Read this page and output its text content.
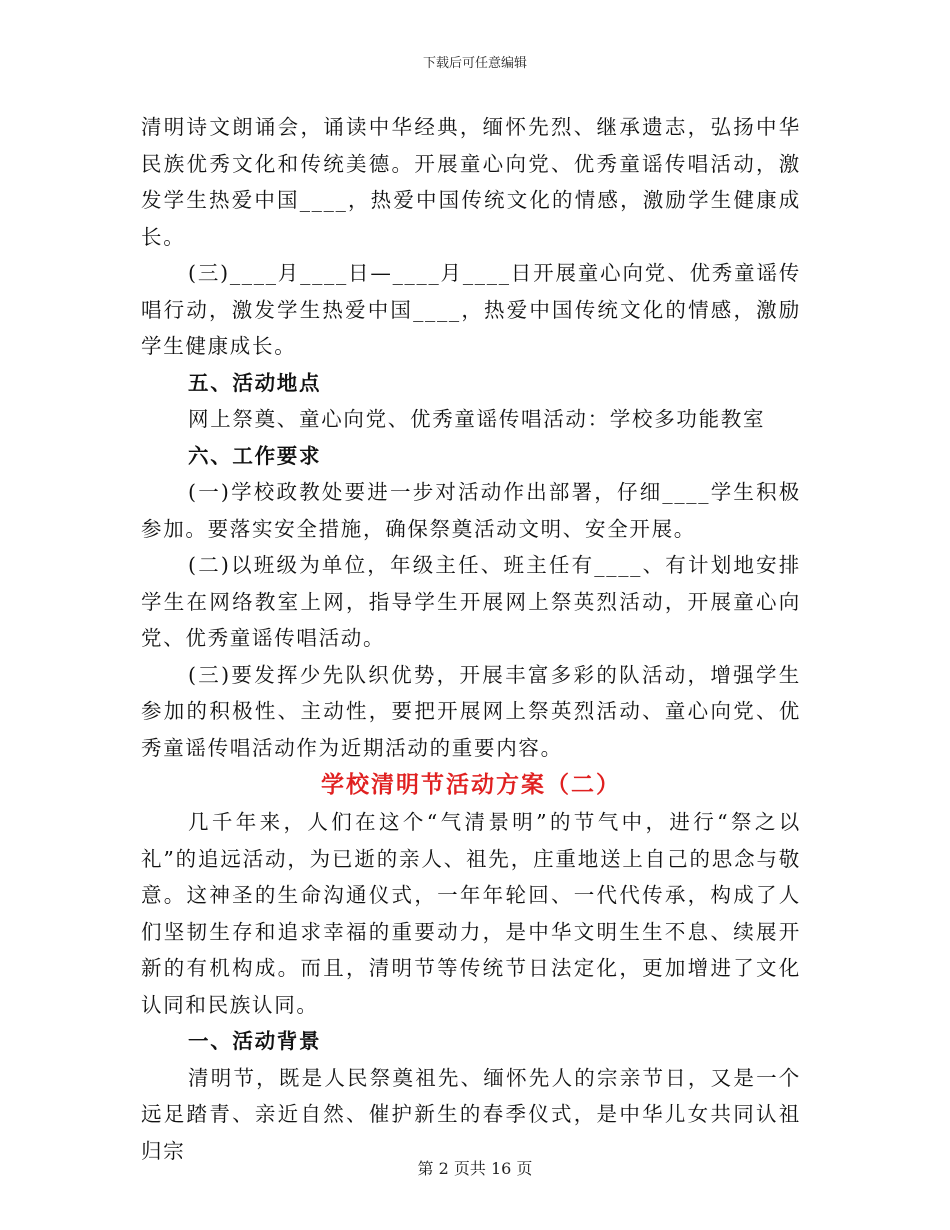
下载后可任意编辑

清明诗文朗诵会，诵读中华经典，缅怀先烈、继承遗志，弘扬中华民族优秀文化和传统美德。开展童心向党、优秀童谣传唱活动，激发学生热爱中国____，热爱中国传统文化的情感，激励学生健康成长。

(三)____月____日—____月____日开展童心向党、优秀童谣传唱行动，激发学生热爱中国____，热爱中国传统文化的情感，激励学生健康成长。

五、活动地点

网上祭奠、童心向党、优秀童谣传唱活动：学校多功能教室

六、工作要求

(一)学校政教处要进一步对活动作出部署，仔细____学生积极参加。要落实安全措施，确保祭奠活动文明、安全开展。

(二)以班级为单位，年级主任、班主任有____、有计划地安排学生在网络教室上网，指导学生开展网上祭英烈活动，开展童心向党、优秀童谣传唱活动。

(三)要发挥少先队织优势，开展丰富多彩的队活动，增强学生参加的积极性、主动性，要把开展网上祭英烈活动、童心向党、优秀童谣传唱活动作为近期活动的重要内容。

学校清明节活动方案（二）

几千年来，人们在这个“气清景明”的节气中，进行“祭之以礼”的追远活动，为已逝的亲人、祖先，庄重地送上自己的思念与敬意。这神圣的生命沟通仪式，一年年轮回、一代代传承，构成了人们坚韧生存和追求幸福的重要动力，是中华文明生生不息、续展开新的有机构成。而且，清明节等传统节日法定化，更加增进了文化认同和民族认同。

一、活动背景

清明节，既是人民祭奠祖先、缅怀先人的宗亲节日，又是一个远足踏青、亲近自然、催护新生的春季仪式，是中华儿女共同认祖归宗

第 2 页共 16 页
